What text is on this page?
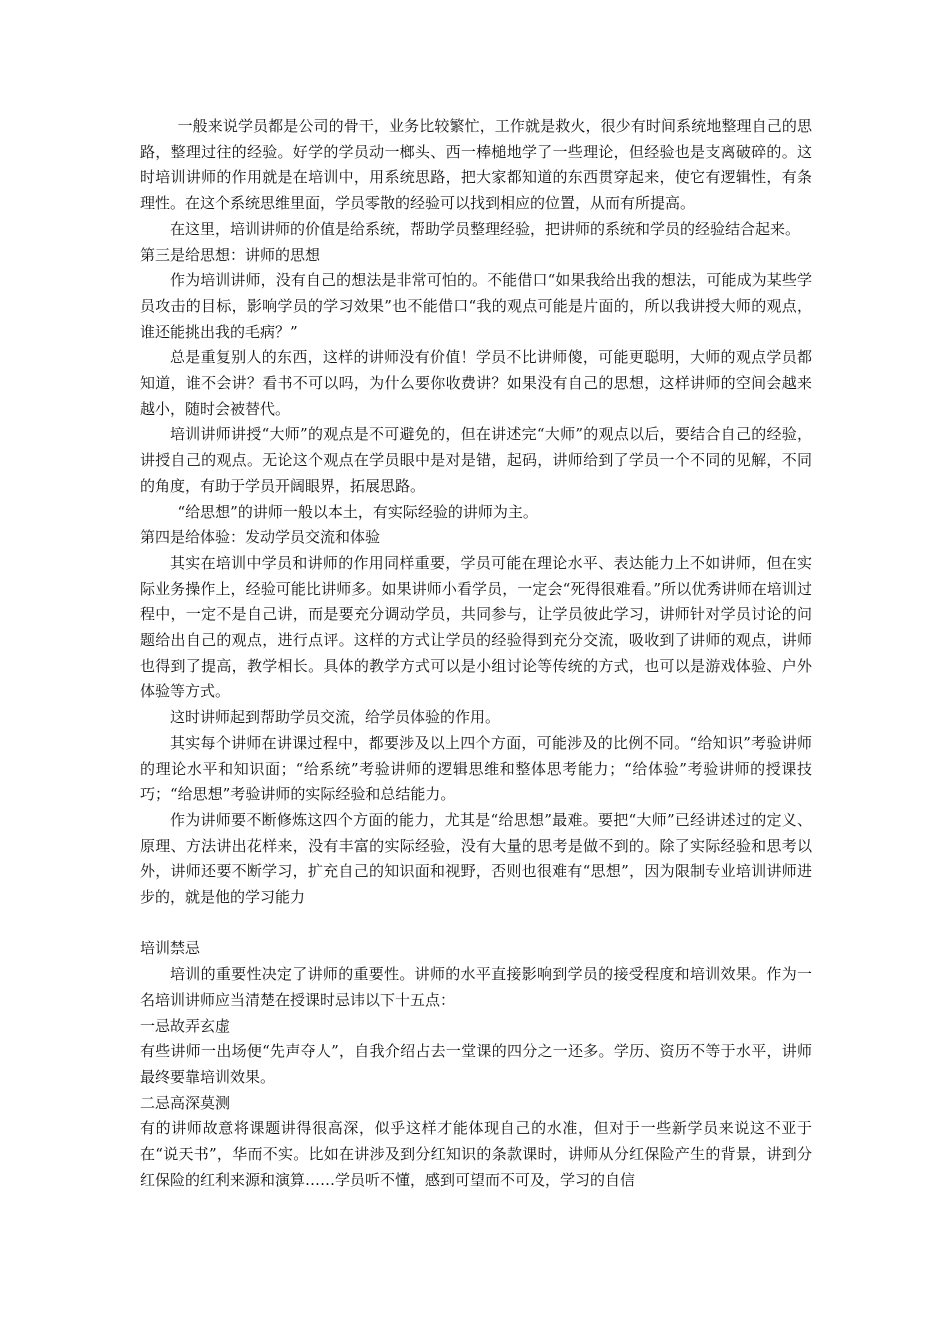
一般来说学员都是公司的骨干，业务比较繁忙，工作就是救火，很少有时间系统地整理自己的思路，整理过往的经验。好学的学员动一榔头、西一棒槌地学了一些理论，但经验也是支离破碎的。这时培训讲师的作用就是在培训中，用系统思路，把大家都知道的东西贯穿起来，使它有逻辑性，有条理性。在这个系统思维里面，学员零散的经验可以找到相应的位置，从而有所提高。

在这里，培训讲师的价值是给系统，帮助学员整理经验，把讲师的系统和学员的经验结合起来。

第三是给思想：讲师的思想

作为培训讲师，没有自己的想法是非常可怕的。不能借口“如果我给出我的想法，可能成为某些学员攻击的目标，影响学员的学习效果”也不能借口“我的观点可能是片面的，所以我讲授大师的观点，谁还能挑出我的毛病？”

总是重复别人的东西，这样的讲师没有价值！学员不比讲师傻，可能更聪明，大师的观点学员都知道，谁不会讲？看书不可以吗，为什么要你收费讲？如果没有自己的思想，这样讲师的空间会越来越小，随时会被替代。

培训讲师讲授“大师”的观点是不可避免的，但在讲述完“大师”的观点以后，要结合自己的经验，讲授自己的观点。无论这个观点在学员眼中是对是错，起码，讲师给到了学员一个不同的见解，不同的角度，有助于学员开阔眼界，拓展思路。

“给思想”的讲师一般以本土，有实际经验的讲师为主。

第四是给体验：发动学员交流和体验

其实在培训中学员和讲师的作用同样重要，学员可能在理论水平、表达能力上不如讲师，但在实际业务操作上，经验可能比讲师多。如果讲师小看学员，一定会“死得很难看。”所以优秀讲师在培训过程中，一定不是自己讲，而是要充分调动学员，共同参与，让学员彼此学习，讲师针对学员讨论的问题给出自己的观点，进行点评。这样的方式让学员的经验得到充分交流，吸收到了讲师的观点，讲师也得到了提高，教学相长。具体的教学方式可以是小组讨论等传统的方式，也可以是游戏体验、户外体验等方式。

这时讲师起到帮助学员交流，给学员体验的作用。

其实每个讲师在讲课过程中，都要涉及以上四个方面，可能涉及的比例不同。“给知识”考验讲师的理论水平和知识面；“给系统”考验讲师的逻辑思维和整体思考能力；“给体验”考验讲师的授课技巧；“给思想”考验讲师的实际经验和总结能力。

作为讲师要不断修炼这四个方面的能力，尤其是“给思想”最难。要把“大师”已经讲述过的定义、原理、方法讲出花样来，没有丰富的实际经验，没有大量的思考是做不到的。除了实际经验和思考以外，讲师还要不断学习，扩充自己的知识面和视野，否则也很难有“思想”，因为限制专业培训讲师进步的，就是他的学习能力

培训禁忌

培训的重要性决定了讲师的重要性。讲师的水平直接影响到学员的接受程度和培训效果。作为一名培训讲师应当清楚在授课时忌讳以下十五点：

一忌故弄玄虚

有些讲师一出场便“先声夺人”，自我介绍占去一堂课的四分之一还多。学历、资历不等于水平，讲师最终要靠培训效果。

二忌高深莫测

有的讲师故意将课题讲得很高深，似乎这样才能体现自己的水准，但对于一些新学员来说这不亚于在“说天书”，华而不实。比如在讲涉及到分红知识的条款课时，讲师从分红保险产生的背景，讲到分红保险的红利来源和演算……学员听不懂，感到可望而不可及，学习的自信
